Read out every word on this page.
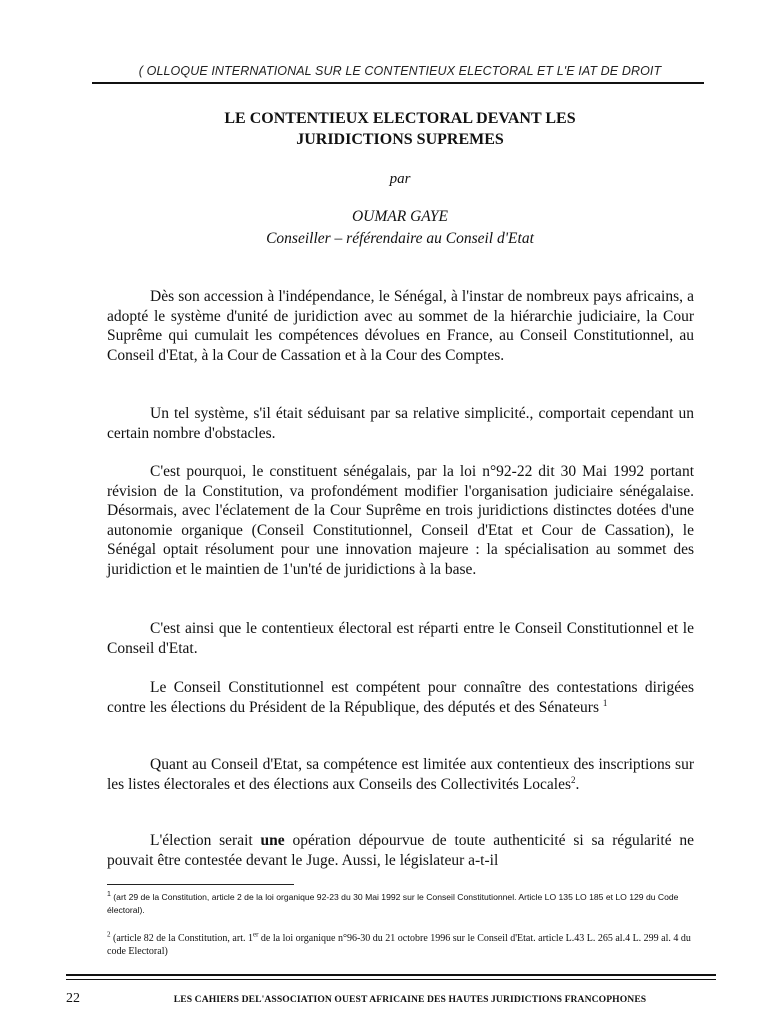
( OLLOQUE INTERNATIONAL SUR LE CONTENTIEUX ELECTORAL ET L'E IAT DE DROIT
LE CONTENTIEUX ELECTORAL DEVANT LES
JURIDICTIONS SUPREMES
par
OUMAR GAYE
Conseiller – référendaire au Conseil d'Etat

Dès son accession à l'indépendance, le Sénégal, à l'instar de nombreux pays africains, a adopté le système d'unité de juridiction avec au sommet de la hiérarchie judiciaire, la Cour Suprême qui cumulait les compétences dévolues en France, au Conseil Constitutionnel, au Conseil d'Etat, à la Cour de Cassation et à la Cour des Comptes.

Un tel système, s'il était séduisant par sa relative simplicité., comportait cependant un certain nombre d'obstacles.

C'est pourquoi, le constituent sénégalais, par la loi n°92-22 dit 30 Mai 1992 portant révision de la Constitution, va profondément modifier l'organisation judiciaire sénégalaise. Désormais, avec l'éclatement de la Cour Suprême en trois juridictions distinctes dotées d'une autonomie organique (Conseil Constitutionnel, Conseil d'Etat et Cour de Cassation), le Sénégal optait résolument pour une innovation majeure : la spécialisation au sommet des juridiction et le maintien de 1'un'té de juridictions à la base.

C'est ainsi que le contentieux électoral est réparti entre le Conseil Constitutionnel et le Conseil d'Etat.

Le Conseil Constitutionnel est compétent pour connaître des contestations dirigées contre les élections du Président de la République, des députés et des Sénateurs $^1$

Quant au Conseil d'Etat, sa compétence est limitée aux contentieux des inscriptions sur les listes électorales et des élections aux Conseils des Collectivités Locales$^2$.

L'élection serait une opération dépourvue de toute authenticité si sa régularité ne pouvait être contestée devant le Juge. Aussi, le législateur a-t-il

$^1$ (art 29 de la Constitution, article 2 de la loi organique 92-23 du 30 Mai 1992 sur le Conseil Constitutionnel. Article LO 135 LO 185 et LO 129 du Code électoral).
$^2$ (article 82 de la Constitution, art. 1er de la loi organique n°96-30 du 21 octobre 1996 sur le Conseil d'Etat. article L.43 L. 265 al.4 L. 299 al. 4 du code Electoral)
22	LES CAHIERS DEL'ASSOCIATION OUEST AFRICAINE DES HAUTES JURIDICTIONS FRANCOPHONES
